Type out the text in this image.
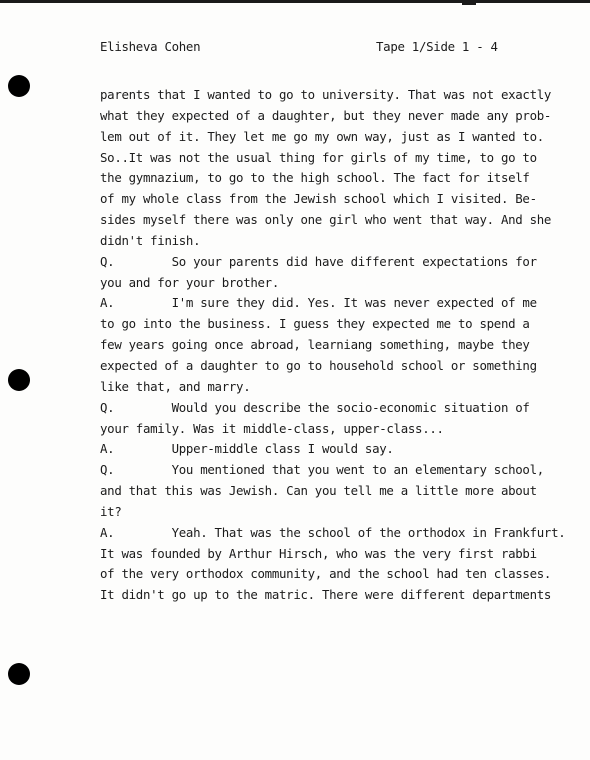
Elisheva Cohen	Tape 1/Side 1 - 4
parents that I wanted to go to university. That was not exactly
what they expected of a daughter, but they never made any prob-
lem out of it. They let me go my own way, just as I wanted to.
So..It was not the usual thing for girls of my time, to go to
the gymnazium, to go to the high school. The fact for itself
of my whole class from the Jewish school which I visited. Be-
sides myself there was only one girl who went that way. And she
didn't finish.
Q.        So your parents did have different expectations for
you and for your brother.
A.        I'm sure they did. Yes. It was never expected of me
to go into the business. I guess they expected me to spend a
few years going once abroad, learniang something, maybe they
expected of a daughter to go to household school or something
like that, and marry.
Q.        Would you describe the socio-economic situation of
your family. Was it middle-class, upper-class...
A.        Upper-middle class I would say.
Q.        You mentioned that you went to an elementary school,
and that this was Jewish. Can you tell me a little more about
it?
A.        Yeah. That was the school of the orthodox in Frankfurt.
It was founded by Arthur Hirsch, who was the very first rabbi
of the very orthodox community, and the school had ten classes.
It didn't go up to the matric. There were different departments
